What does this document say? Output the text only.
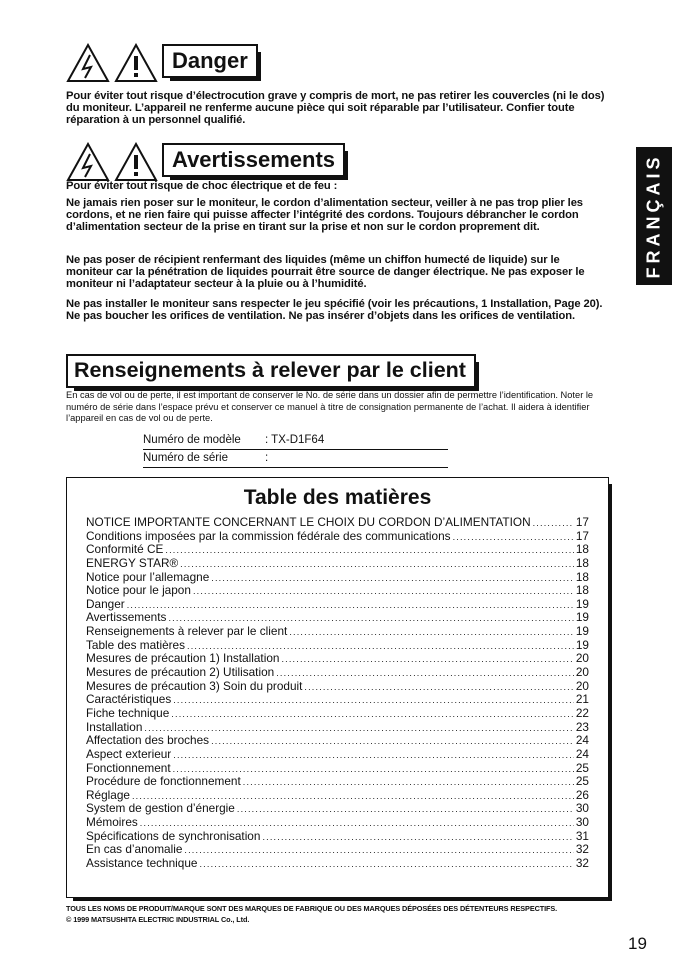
Danger
Pour éviter tout risque d’électrocution grave y compris de mort, ne pas retirer les couvercles (ni le dos) du moniteur. L’appareil ne renferme aucune pièce qui soit réparable par l’utilisateur. Confier toute réparation à un personnel qualifié.
Avertissements
Pour éviter tout risque de choc électrique et de feu :
Ne jamais rien poser sur le moniteur, le cordon d’alimentation secteur, veiller à ne pas trop plier les cordons, et ne rien faire qui puisse affecter l’intégrité des cordons. Toujours débrancher le cordon d’alimentation secteur de la prise en tirant sur la prise et non sur le cordon proprement dit.
Ne pas poser de récipient renfermant des liquides (même un chiffon humecté de liquide) sur le moniteur car la pénétration de liquides pourrait être source de danger électrique. Ne pas exposer le moniteur ni l’adaptateur secteur à la pluie ou à l’humidité.
Ne pas installer le moniteur sans respecter le jeu spécifié (voir les précautions, 1 Installation, Page 20). Ne pas boucher les orifices de ventilation. Ne pas insérer d’objets dans les orifices de ventilation.
FRANÇAIS
Renseignements à relever par le client
En cas de vol ou de perte, il est important de conserver le No. de série dans un dossier afin de permettre l’identification. Noter le numéro de série dans l’espace prévu et conserver ce manuel à titre de consignation permanente de l’achat. Il aidera à identifier l’appareil en cas de vol ou de perte.
Numéro de modèle : TX-D1F64
Numéro de série	:
Table des matières
NOTICE IMPORTANTE CONCERNANT LE CHOIX DU CORDON D’ALIMENTATION .....	17
Conditions imposées par la commission fédérale des communications .....	17
Conformité CE .....	18
ENERGY STAR® .....	18
Notice pour l’allemagne .....	18
Notice pour le japon .....	18
Danger .....	19
Avertissements .....	19
Renseignements à relever par le client .....	19
Table des matières .....	19
Mesures de précaution 1) Installation .....	20
Mesures de précaution 2) Utilisation .....	20
Mesures de précaution 3) Soin du produit .....	20
Caractéristiques .....	21
Fiche technique .....	22
Installation .....	23
Affectation des broches .....	24
Aspect exterieur .....	24
Fonctionnement .....	25
Procédure de fonctionnement .....	25
Réglage .....	26
System de gestion d’énergie .....	30
Mémoires .....	30
Spécifications de synchronisation .....	31
En cas d’anomalie .....	32
Assistance technique .....	32
TOUS LES NOMS DE PRODUIT/MARQUE SONT DES MARQUES DE FABRIQUE OU DES MARQUES DÉPOSÉES DES DÉTENTEURS RESPECTIFS.
© 1999 MATSUSHITA ELECTRIC INDUSTRIAL Co., Ltd.
19
